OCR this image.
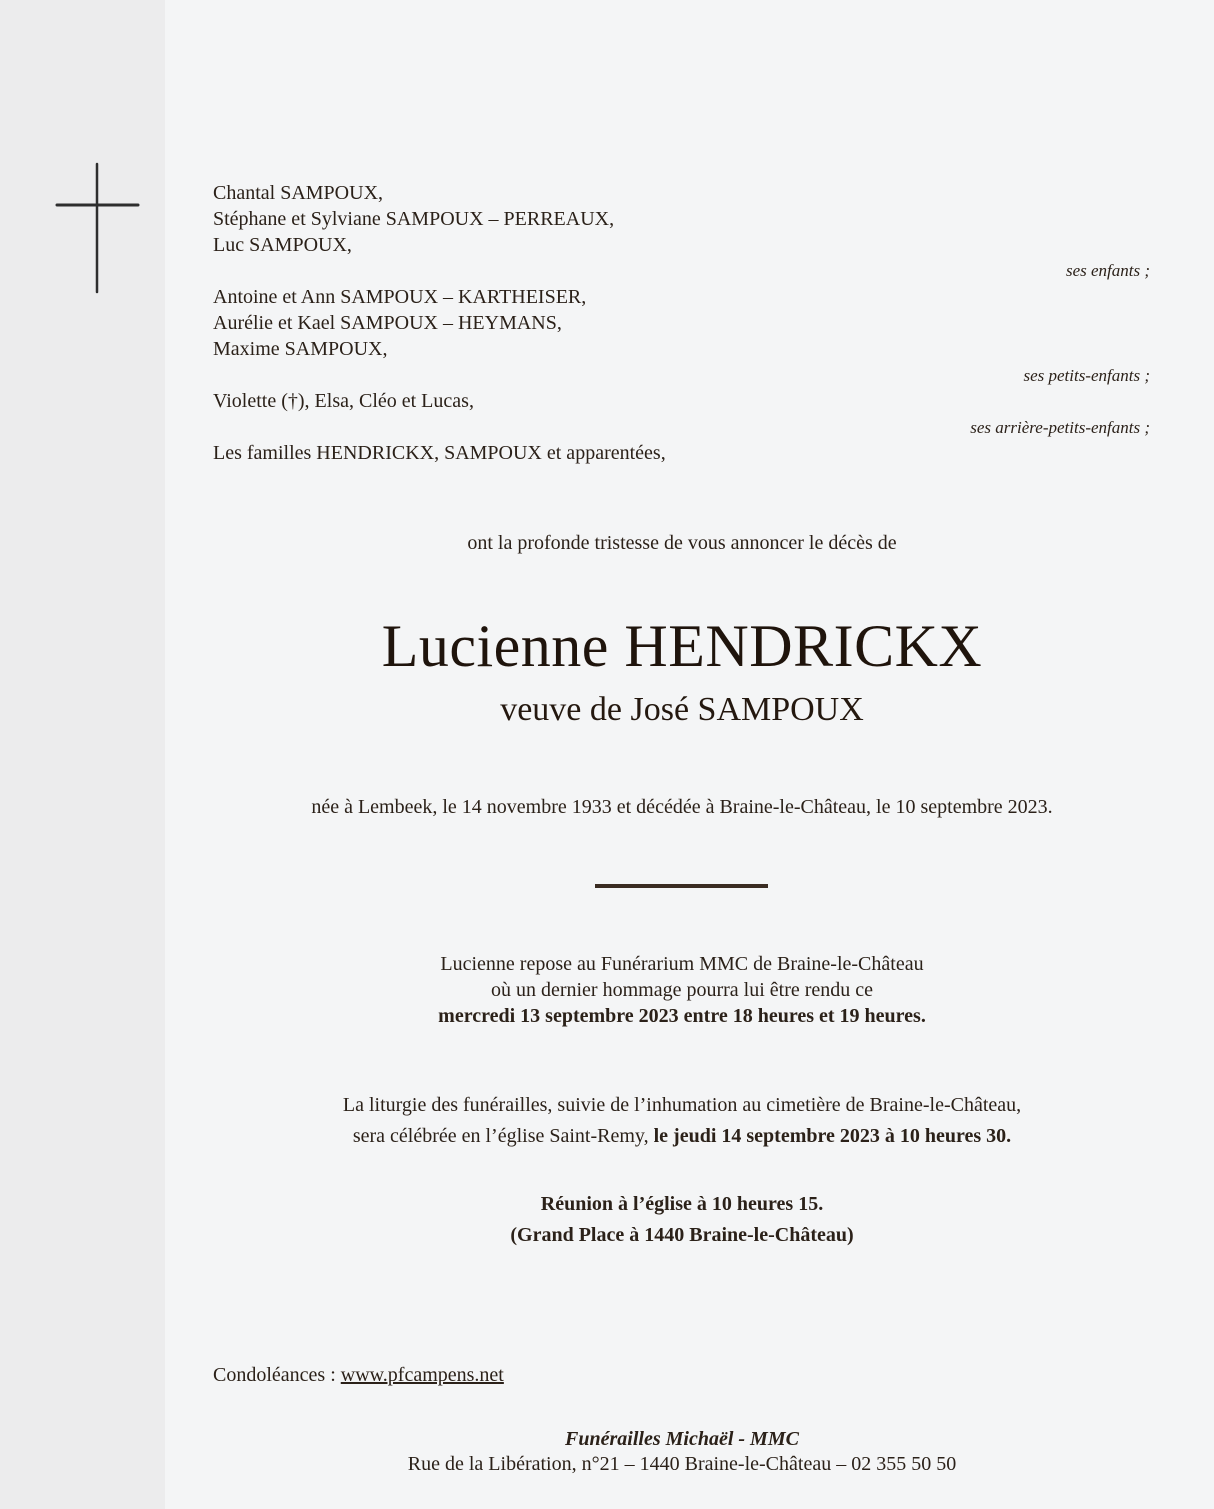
Chantal SAMPOUX,
Stéphane et Sylviane SAMPOUX – PERREAUX,
Luc SAMPOUX,
Antoine et Ann SAMPOUX – KARTHEISER,
Aurélie et Kael SAMPOUX – HEYMANS,
Maxime SAMPOUX,
Violette (†), Elsa, Cléo et Lucas,
Les familles HENDRICKX, SAMPOUX et apparentées,
ses enfants ;
ses petits-enfants ;
ses arrière-petits-enfants ;
ont la profonde tristesse de vous annoncer le décès de
Lucienne HENDRICKX
veuve de José SAMPOUX
née à Lembeek, le 14 novembre 1933 et décédée à Braine-le-Château, le 10 septembre 2023.
Lucienne repose au Funérarium MMC de Braine-le-Château
où un dernier hommage pourra lui être rendu ce
mercredi 13 septembre 2023 entre 18 heures et 19 heures.
La liturgie des funérailles, suivie de l’inhumation au cimetière de Braine-le-Château,
sera célébrée en l’église Saint-Remy, le jeudi 14 septembre 2023 à 10 heures 30.
Réunion à l’église à 10 heures 15.
(Grand Place à 1440 Braine-le-Château)
Condoléances : www.pfcampens.net
Funérailles Michaël - MMC
Rue de la Libération, n°21 – 1440 Braine-le-Château – 02 355 50 50
